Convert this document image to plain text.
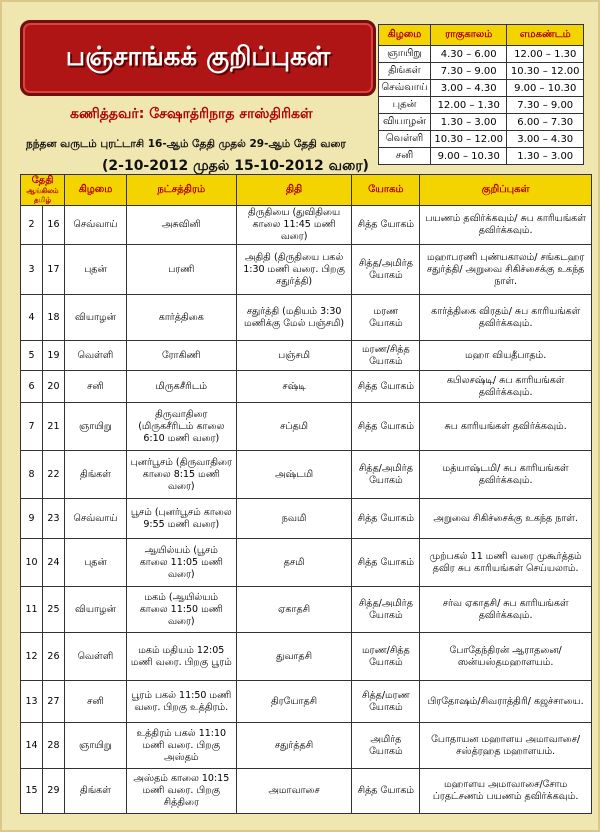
பஞ்சாங்கக் குறிப்புகள்
கணித்தவர்: சேஷாத்ரிநாத சாஸ்திரிகள்
நந்தன வருடம் புரட்டாசி 16-ஆம் தேதி முதல் 29-ஆம் தேதி வரை
(2-10-2012 முதல் 15-10-2012 வரை)
கிழமை	ராகுகாலம்	எமகண்டம்
ஞாயிறு	4.30 – 6.00	12.00 – 1.30
திங்கள்	7.30 – 9.00	10.30 – 12.00
செவ்வாய்	3.00 – 4.30	9.00 – 10.30
புதன்	12.00 – 1.30	7.30 – 9.00
வியாழன்	1.30 – 3.00	6.00 – 7.30
வெள்ளி	10.30 – 12.00	3.00 – 4.30
சனி	9.00 – 10.30	1.30 – 3.00
தேதி
ஆங்கிலம் தமிழ்		கிழமை	நட்சத்திரம்	திதி	யோகம்	குறிப்புகள்
2	16	செவ்வாய்	அசுவினி	திருதியை (துவிதியை காலை 11:45 மணி வரை)	சித்த யோகம்	பயணம் தவிர்க்கவும்/ சுப காரியங்கள் தவிர்க்கவும்.
3	17	புதன்	பரணி	அதிதி (திருதியை பகல் 1:30 மணி வரை. பிறகு சதுர்த்தி)	சித்த/அமிர்த யோகம்	மஹாபரணி புண்யகாலம்/ சங்கடஹர சதுர்த்தி/ அறுவை சிகிச்சைக்கு உகந்த நாள்.
4	18	வியாழன்	கார்த்திகை	சதுர்த்தி (மதியம் 3:30 மணிக்கு மேல் பஞ்சமி)	மரண யோகம்	கார்த்திகை விரதம்/ சுப காரியங்கள் தவிர்க்கவும்.
5	19	வெள்ளி	ரோகிணி	பஞ்சமி	மரண/சித்த யோகம்	மஹா வியதீபாதம்.
6	20	சனி	மிருகசீரிடம்	சஷ்டி	சித்த யோகம்	கபிலசஷ்டி/ சுப காரியங்கள் தவிர்க்கவும்.
7	21	ஞாயிறு	திருவாதிரை (மிருகசீரிடம் காலை 6:10 மணி வரை)	சப்தமி	சித்த யோகம்	சுப காரியங்கள் தவிர்க்கவும்.
8	22	திங்கள்	புனர்பூசம் (திருவாதிரை காலை 8:15 மணி வரை)	அஷ்டமி	சித்த/அமிர்த யோகம்	மத்யாஷ்டமி/ சுப காரியங்கள் தவிர்க்கவும்.
9	23	செவ்வாய்	பூசம் (புனர்பூசம் காலை 9:55 மணி வரை)	நவமி	சித்த யோகம்	அறுவை சிகிச்சைக்கு உகந்த நாள்.
10	24	புதன்	ஆயில்யம் (பூசம் காலை 11:05 மணி வரை)	தசமி	சித்த யோகம்	முற்பகல் 11 மணி வரை முகூர்த்தம் தவிர சுப காரியங்கள் செய்யலாம்.
11	25	வியாழன்	மகம் (ஆயில்யம் காலை 11:50 மணி வரை)	ஏகாதசி	சித்த/அமிர்த யோகம்	சர்வ ஏகாதசி/ சுப காரியங்கள் தவிர்க்கவும்.
12	26	வெள்ளி	மகம் மதியம் 12:05 மணி வரை. பிறகு பூரம்	துவாதசி	மரண/சித்த யோகம்	போதேந்திரன் ஆராதனை/ ஸன்யஸ்தமஹாளயம்.
13	27	சனி	பூரம் பகல் 11:50 மணி வரை. பிறகு உத்திரம்.	திரயோதசி	சித்த/மரண யோகம்	பிரதோஷம்/சிவராத்திரி/ கஜச்சாயை.
14	28	ஞாயிறு	உத்திரம் பகல் 11:10 மணி வரை. பிறகு அஸ்தம்	சதுர்த்தசி	அமிர்த யோகம்	போதாயன மஹாளய அமாவாசை/ சஸ்த்ரஹத மஹாளயம்.
15	29	திங்கள்	அஸ்தம் காலை 10:15 மணி வரை. பிறகு சித்திரை	அமாவாசை	சித்த யோகம்	மஹாளய அமாவாசை/சோம ப்ரதட்சணம் பயணம் தவிர்க்கவும்.
